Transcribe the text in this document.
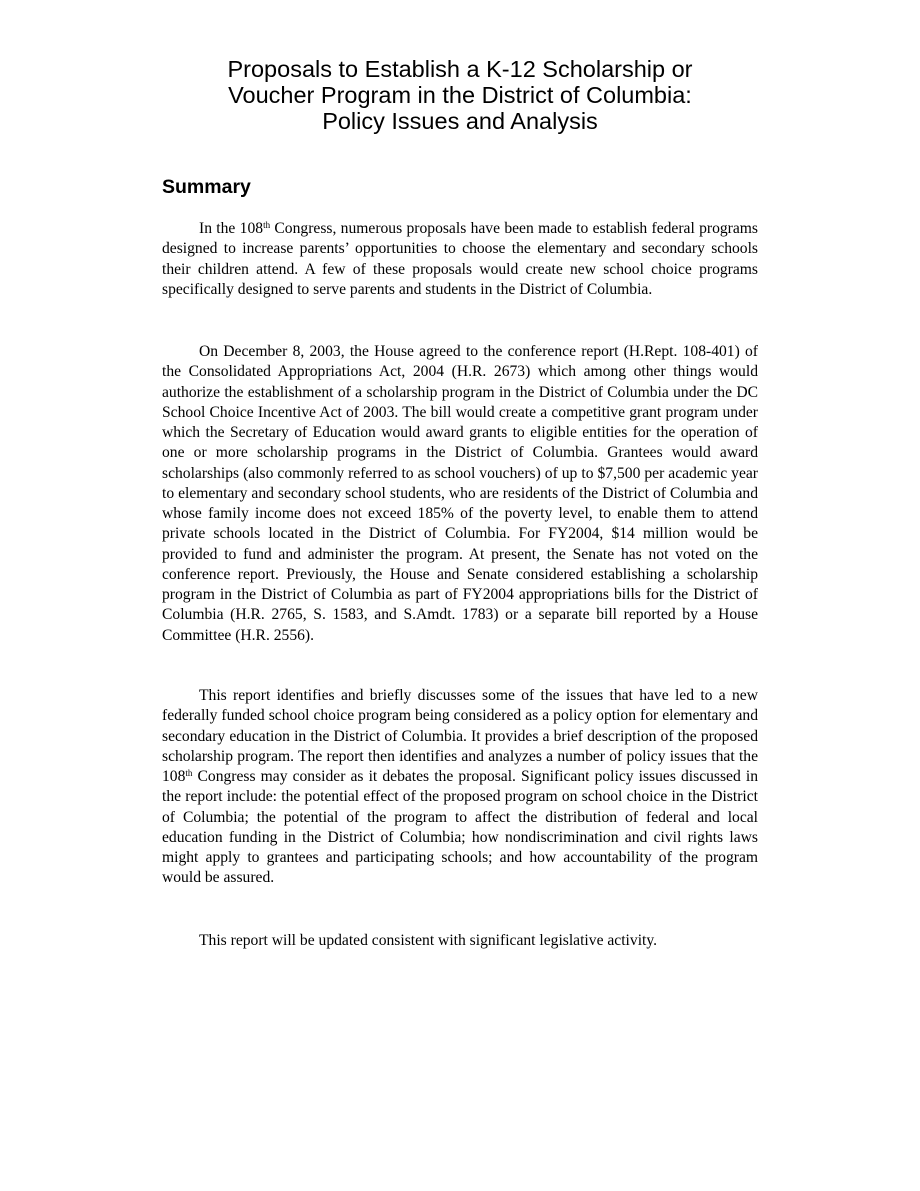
Proposals to Establish a K-12 Scholarship or
Voucher Program in the District of Columbia:
Policy Issues and Analysis
Summary

In the 108th Congress, numerous proposals have been made to establish federal programs designed to increase parents’ opportunities to choose the elementary and secondary schools their children attend. A few of these proposals would create new school choice programs specifically designed to serve parents and students in the District of Columbia.

On December 8, 2003, the House agreed to the conference report (H.Rept. 108-401) of the Consolidated Appropriations Act, 2004 (H.R. 2673) which among other things would authorize the establishment of a scholarship program in the District of Columbia under the DC School Choice Incentive Act of 2003. The bill would create a competitive grant program under which the Secretary of Education would award grants to eligible entities for the operation of one or more scholarship programs in the District of Columbia. Grantees would award scholarships (also commonly referred to as school vouchers) of up to $7,500 per academic year to elementary and secondary school students, who are residents of the District of Columbia and whose family income does not exceed 185% of the poverty level, to enable them to attend private schools located in the District of Columbia. For FY2004, $14 million would be provided to fund and administer the program. At present, the Senate has not voted on the conference report. Previously, the House and Senate considered establishing a scholarship program in the District of Columbia as part of FY2004 appropriations bills for the District of Columbia (H.R. 2765, S. 1583, and S.Amdt. 1783) or a separate bill reported by a House Committee (H.R. 2556).

This report identifies and briefly discusses some of the issues that have led to a new federally funded school choice program being considered as a policy option for elementary and secondary education in the District of Columbia. It provides a brief description of the proposed scholarship program. The report then identifies and analyzes a number of policy issues that the 108th Congress may consider as it debates the proposal. Significant policy issues discussed in the report include: the potential effect of the proposed program on school choice in the District of Columbia; the potential of the program to affect the distribution of federal and local education funding in the District of Columbia; how nondiscrimination and civil rights laws might apply to grantees and participating schools; and how accountability of the program would be assured.

This report will be updated consistent with significant legislative activity.
